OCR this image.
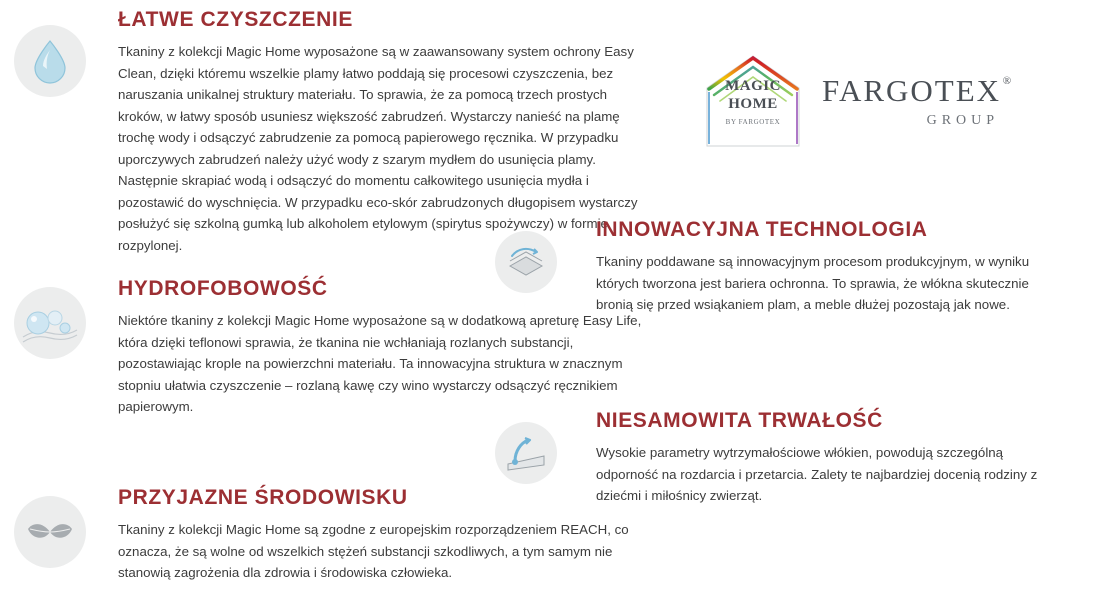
ŁATWE CZYSZCZENIE

Tkaniny z kolekcji Magic Home wyposażone są w zaawansowany system ochrony Easy Clean, dzięki któremu wszelkie plamy łatwo poddają się procesowi czyszczenia, bez naruszania unikalnej struktury materiału. To sprawia, że za pomocą trzech prostych kroków, w łatwy sposób usuniesz większość zabrudzeń. Wystarczy nanieść na plamę trochę wody i odsączyć zabrudzenie za pomocą papierowego ręcznika. W przypadku uporczywych zabrudzeń należy użyć wody z szarym mydłem do usunięcia plamy. Następnie skrapiać wodą i odsączyć do momentu całkowitego usunięcia mydła i pozostawić do wyschnięcia. W przypadku eco-skór zabrudzonych długopisem wystarczy posłużyć się szkolną gumką lub alkoholem etylowym (spirytus spożywczy) w formie rozpylonej.

MAGIC
HOME
BY FARGOTEX
FARGOTEX ®
GROUP
INNOWACYJNA TECHNOLOGIA

Tkaniny poddawane są innowacyjnym procesom produkcyjnym, w wyniku których tworzona jest bariera ochronna. To sprawia, że włókna skutecznie bronią się przed wsiąkaniem plam, a meble dłużej pozostają jak nowe.

HYDROFOBOWOŚĆ

Niektóre tkaniny z kolekcji Magic Home wyposażone są w dodatkową apreturę Easy Life, która dzięki teflonowi sprawia, że tkanina nie wchłaniają rozlanych substancji, pozostawiając krople na powierzchni materiału. Ta innowacyjna struktura w znacznym stopniu ułatwia czyszczenie – rozlaną kawę czy wino wystarczy odsączyć ręcznikiem papierowym.

NIESAMOWITA TRWAŁOŚĆ

Wysokie parametry wytrzymałościowe włókien, powodują szczególną odporność na rozdarcia i przetarcia. Zalety te najbardziej docenią rodziny z dziećmi i miłośnicy zwierząt.

PRZYJAZNE ŚRODOWISKU

Tkaniny z kolekcji Magic Home są zgodne z europejskim rozporządzeniem REACH, co oznacza, że są wolne od wszelkich stężeń substancji szkodliwych, a tym samym nie stanowią zagrożenia dla zdrowia i środowiska człowieka.
